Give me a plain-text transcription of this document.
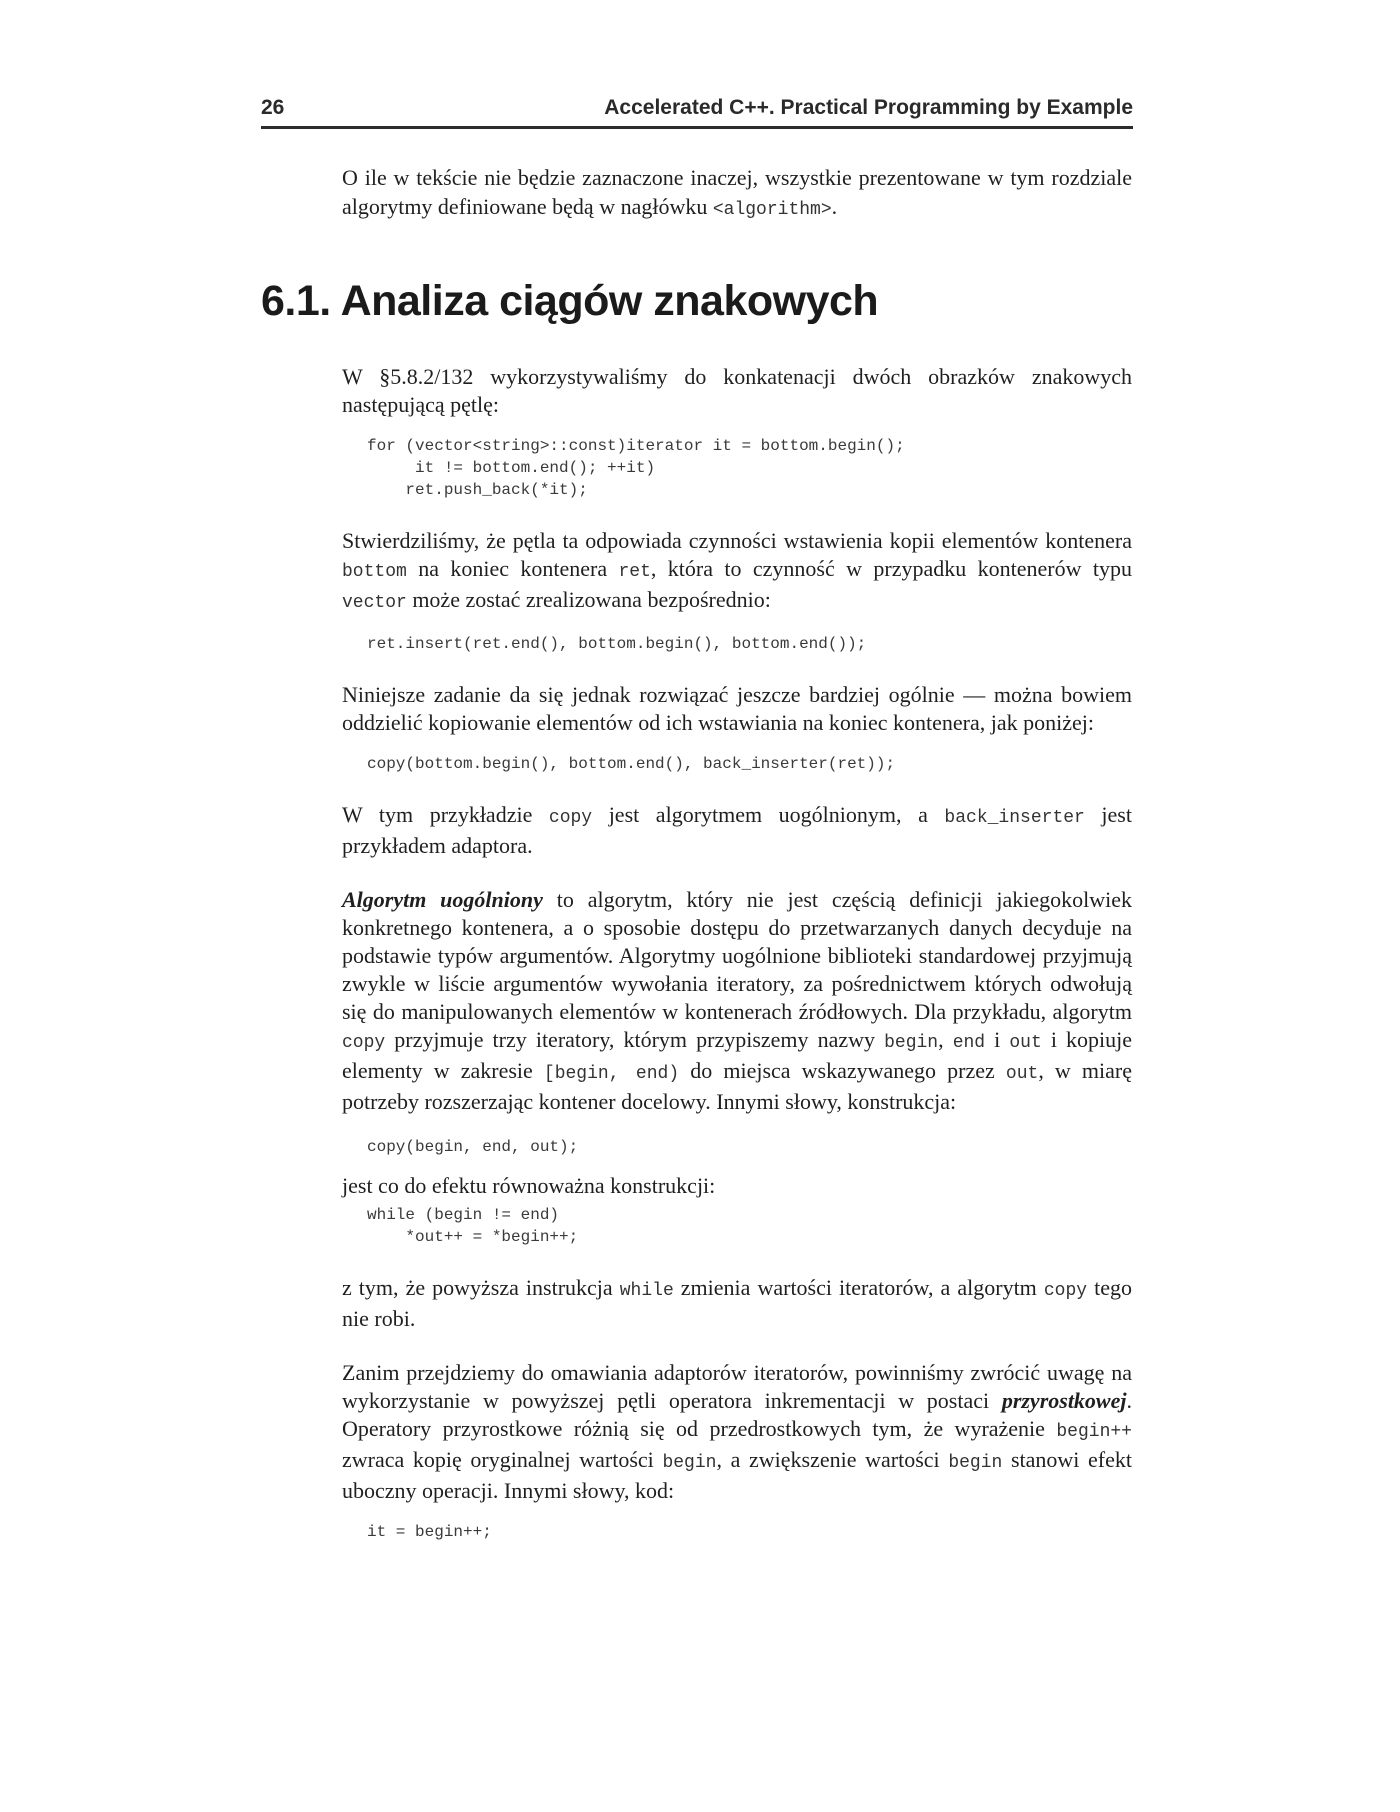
26	Accelerated C++. Practical Programming by Example

O ile w tekście nie będzie zaznaczone inaczej, wszystkie prezentowane w tym rozdziale algorytmy definiowane będą w nagłówku <algorithm>.

6.1. Analiza ciągów znakowych

W §5.8.2/132 wykorzystywaliśmy do konkatenacji dwóch obrazków znakowych następującą pętlę:

for (vector<string>::const)iterator it = bottom.begin();
it != bottom.end(); ++it)
ret.push_back(*it);

Stwierdziliśmy, że pętla ta odpowiada czynności wstawienia kopii elementów kontenera bottom na koniec kontenera ret, która to czynność w przypadku kontenerów typu vector może zostać zrealizowana bezpośrednio:

ret.insert(ret.end(), bottom.begin(), bottom.end());

Niniejsze zadanie da się jednak rozwiązać jeszcze bardziej ogólnie — można bowiem oddzielić kopiowanie elementów od ich wstawiania na koniec kontenera, jak poniżej:

copy(bottom.begin(), bottom.end(), back_inserter(ret));

W tym przykładzie copy jest algorytmem uogólnionym, a back_inserter jest przykładem adaptora.

Algorytm uogólniony to algorytm, który nie jest częścią definicji jakiegokolwiek konkretnego kontenera, a o sposobie dostępu do przetwarzanych danych decyduje na podstawie typów argumentów. Algorytmy uogólnione biblioteki standardowej przyjmują zwykle w liście argumentów wywołania iteratory, za pośrednictwem których odwołują się do manipulowanych elementów w kontenerach źródłowych. Dla przykładu, algorytm copy przyjmuje trzy iteratory, którym przypiszemy nazwy begin, end i out i kopiuje elementy w zakresie [begin, end) do miejsca wskazywanego przez out, w miarę potrzeby rozszerzając kontener docelowy. Innymi słowy, konstrukcja:

copy(begin, end, out);

jest co do efektu równoważna konstrukcji:

while (begin != end)
*out++ = *begin++;

z tym, że powyższa instrukcja while zmienia wartości iteratorów, a algorytm copy tego nie robi.

Zanim przejdziemy do omawiania adaptorów iteratorów, powinniśmy zwrócić uwagę na wykorzystanie w powyższej pętli operatora inkrementacji w postaci przyrostkowej. Operatory przyrostkowe różnią się od przedrostkowych tym, że wyrażenie begin++ zwraca kopię oryginalnej wartości begin, a zwiększenie wartości begin stanowi efekt uboczny operacji. Innymi słowy, kod:

it = begin++;
